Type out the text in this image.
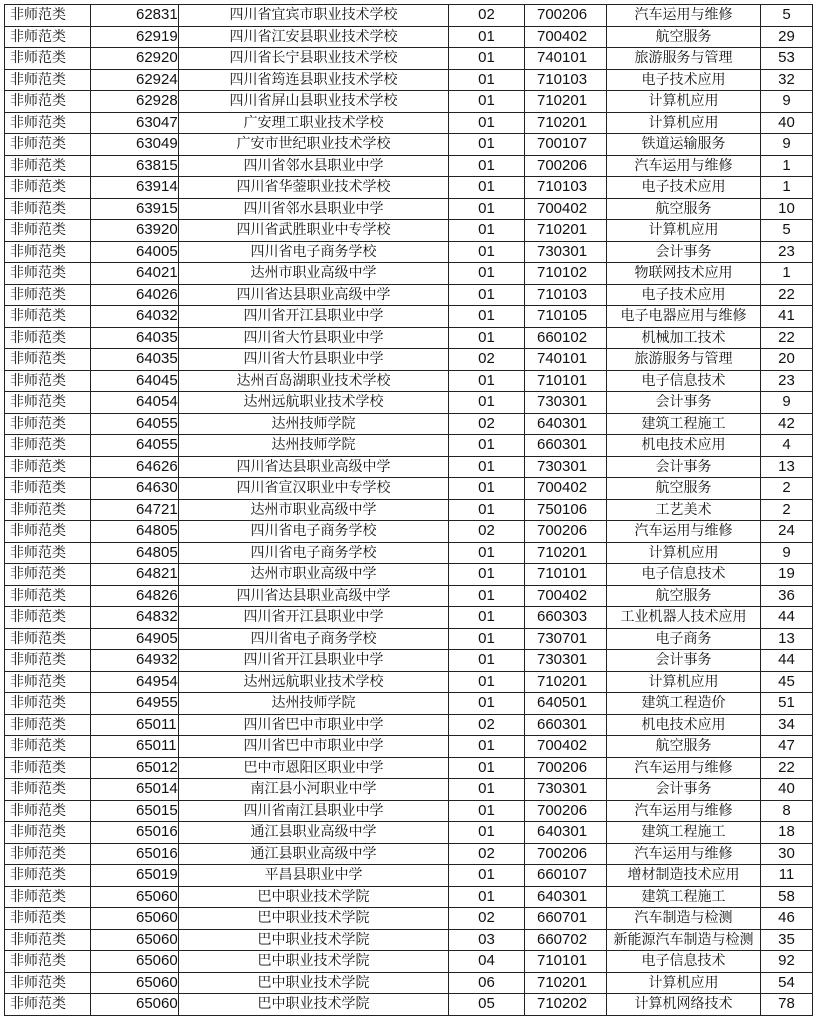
非师范类	62831	四川省宜宾市职业技术学校	02	700206	汽车运用与维修	5
非师范类	62919	四川省江安县职业技术学校	01	700402	航空服务	29
非师范类	62920	四川省长宁县职业技术学校	01	740101	旅游服务与管理	53
非师范类	62924	四川省筠连县职业技术学校	01	710103	电子技术应用	32
非师范类	62928	四川省屏山县职业技术学校	01	710201	计算机应用	9
非师范类	63047	广安理工职业技术学校	01	710201	计算机应用	40
非师范类	63049	广安市世纪职业技术学校	01	700107	铁道运输服务	9
非师范类	63815	四川省邻水县职业中学	01	700206	汽车运用与维修	1
非师范类	63914	四川省华蓥职业技术学校	01	710103	电子技术应用	1
非师范类	63915	四川省邻水县职业中学	01	700402	航空服务	10
非师范类	63920	四川省武胜职业中专学校	01	710201	计算机应用	5
非师范类	64005	四川省电子商务学校	01	730301	会计事务	23
非师范类	64021	达州市职业高级中学	01	710102	物联网技术应用	1
非师范类	64026	四川省达县职业高级中学	01	710103	电子技术应用	22
非师范类	64032	四川省开江县职业中学	01	710105	电子电器应用与维修	41
非师范类	64035	四川省大竹县职业中学	01	660102	机械加工技术	22
非师范类	64035	四川省大竹县职业中学	02	740101	旅游服务与管理	20
非师范类	64045	达州百岛湖职业技术学校	01	710101	电子信息技术	23
非师范类	64054	达州远航职业技术学校	01	730301	会计事务	9
非师范类	64055	达州技师学院	02	640301	建筑工程施工	42
非师范类	64055	达州技师学院	01	660301	机电技术应用	4
非师范类	64626	四川省达县职业高级中学	01	730301	会计事务	13
非师范类	64630	四川省宣汉职业中专学校	01	700402	航空服务	2
非师范类	64721	达州市职业高级中学	01	750106	工艺美术	2
非师范类	64805	四川省电子商务学校	02	700206	汽车运用与维修	24
非师范类	64805	四川省电子商务学校	01	710201	计算机应用	9
非师范类	64821	达州市职业高级中学	01	710101	电子信息技术	19
非师范类	64826	四川省达县职业高级中学	01	700402	航空服务	36
非师范类	64832	四川省开江县职业中学	01	660303	工业机器人技术应用	44
非师范类	64905	四川省电子商务学校	01	730701	电子商务	13
非师范类	64932	四川省开江县职业中学	01	730301	会计事务	44
非师范类	64954	达州远航职业技术学校	01	710201	计算机应用	45
非师范类	64955	达州技师学院	01	640501	建筑工程造价	51
非师范类	65011	四川省巴中市职业中学	02	660301	机电技术应用	34
非师范类	65011	四川省巴中市职业中学	01	700402	航空服务	47
非师范类	65012	巴中市恩阳区职业中学	01	700206	汽车运用与维修	22
非师范类	65014	南江县小河职业中学	01	730301	会计事务	40
非师范类	65015	四川省南江县职业中学	01	700206	汽车运用与维修	8
非师范类	65016	通江县职业高级中学	01	640301	建筑工程施工	18
非师范类	65016	通江县职业高级中学	02	700206	汽车运用与维修	30
非师范类	65019	平昌县职业中学	01	660107	增材制造技术应用	11
非师范类	65060	巴中职业技术学院	01	640301	建筑工程施工	58
非师范类	65060	巴中职业技术学院	02	660701	汽车制造与检测	46
非师范类	65060	巴中职业技术学院	03	660702	新能源汽车制造与检测	35
非师范类	65060	巴中职业技术学院	04	710101	电子信息技术	92
非师范类	65060	巴中职业技术学院	06	710201	计算机应用	54
非师范类	65060	巴中职业技术学院	05	710202	计算机网络技术	78
